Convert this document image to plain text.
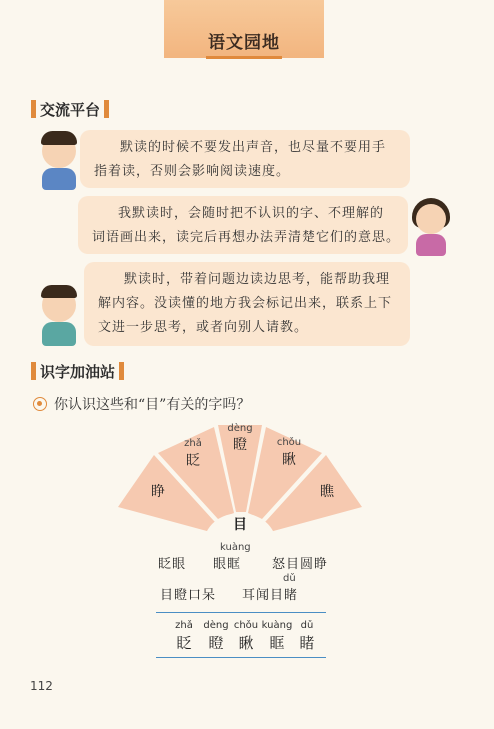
语文园地
交流平台
默读的时候不要发出声音，也尽量不要用手
指着读，否则会影响阅读速度。
我默读时，会随时把不认识的字、不理解的
词语画出来，读完后再想办法弄清楚它们的意思。
默读时，带着问题边读边思考，能帮助我理
解内容。没读懂的地方我会标记出来，联系上下
文进一步思考，或者向别人请教。
识字加油站
你认识这些和“目”有关的字吗？
睁
zhǎ
眨
dèng
瞪	chǒu
瞅
瞧
目
眨眼
kuàng
眼眶 怒目圆睁
目瞪口呆
dǔ
耳闻目睹
zhǎ
眨
dèng
瞪
chǒu
瞅
kuàng
眶
dǔ
睹
112
